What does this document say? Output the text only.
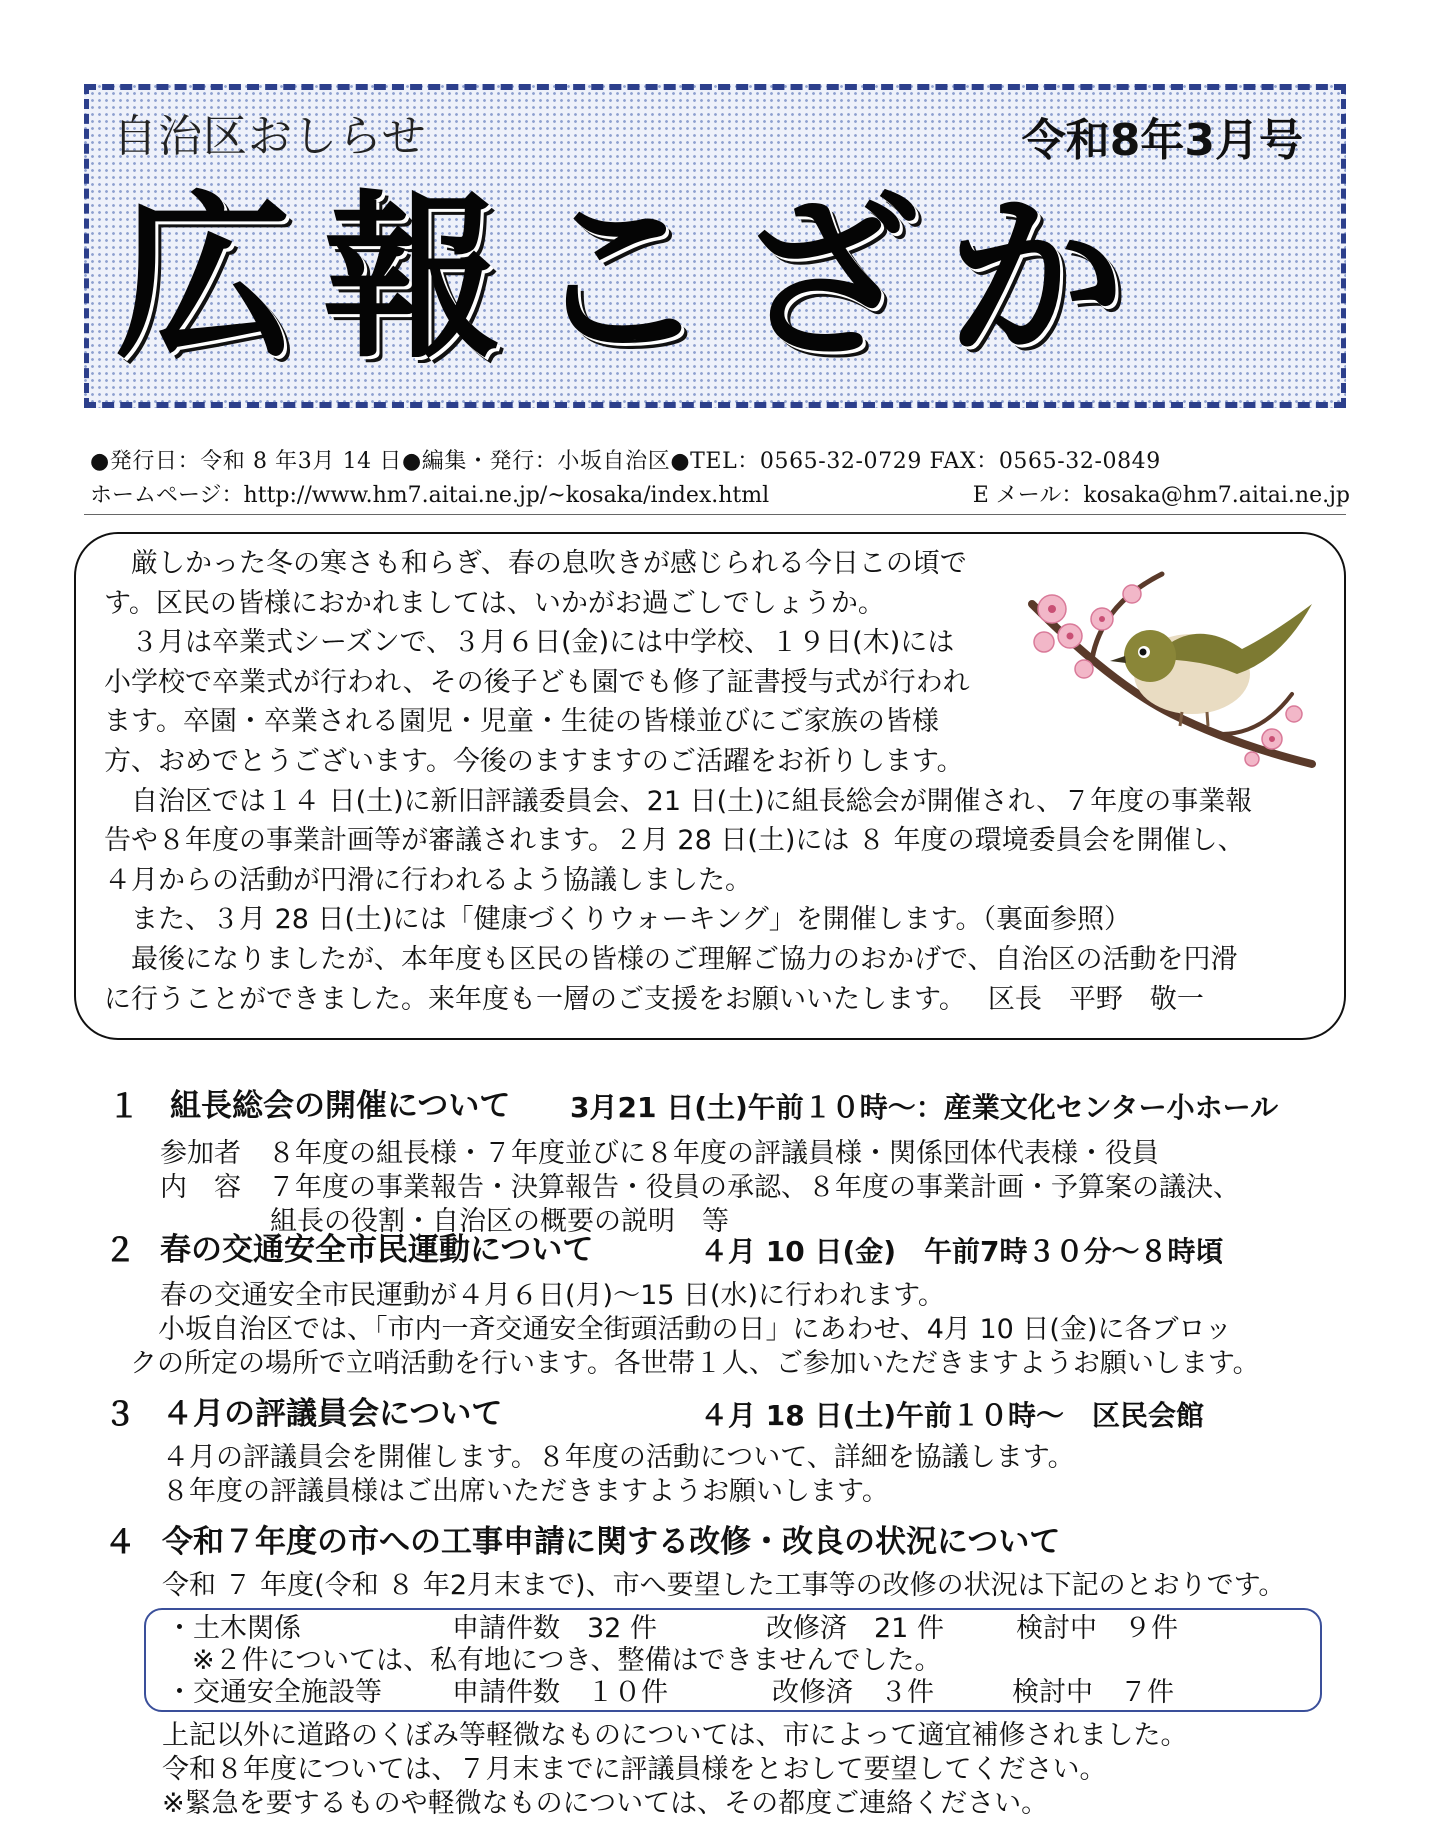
自治区おしらせ	令和8年3月号
広報こざか
●発行日：令和 8 年3月 14 日●編集・発行：小坂自治区●TEL：0565-32-0729 FAX：0565-32-0849
ホームページ：http://www.hm7.aitai.ne.jp/~kosaka/index.html	E メール：kosaka@hm7.aitai.ne.jp

　厳しかった冬の寒さも和らぎ、春の息吹きが感じられる今日この頃で

す。区民の皆様におかれましては、いかがお過ごしでしょうか。

　３月は卒業式シーズンで、３月６日(金)には中学校、１９日(木)には

小学校で卒業式が行われ、その後子ども園でも修了証書授与式が行われ

ます。卒園・卒業される園児・児童・生徒の皆様並びにご家族の皆様

方、おめでとうございます。今後のますますのご活躍をお祈りします。

　自治区では１４ 日(土)に新旧評議委員会、21 日(土)に組長総会が開催され、７年度の事業報

告や８年度の事業計画等が審議されます。２月 28 日(土)には ８ 年度の環境委員会を開催し、

４月からの活動が円滑に行われるよう協議しました。

　また、３月 28 日(土)には「健康づくりウォーキング」を開催します。（裏面参照）

　最後になりましたが、本年度も区民の皆様のご理解ご協力のおかげで、自治区の活動を円滑

に行うことができました。来年度も一層のご支援をお願いいたします。　 区長　平野　敬一

１ 組長総会の開催について 3月21 日(土)午前１０時～：産業文化センター小ホール
参加者　８年度の組長様・７年度並びに８年度の評議員様・関係団体代表様・役員
内　容　７年度の事業報告・決算報告・役員の承認、８年度の事業計画・予算案の議決、
組長の役割・自治区の概要の説明　等
２ 春の交通安全市民運動について	４月 10 日(金)　午前7時３０分～８時頃
春の交通安全市民運動が４月６日(月)～15 日(水)に行われます。
小坂自治区では、「市内一斉交通安全街頭活動の日」にあわせ、4月 10 日(金)に各ブロッ
クの所定の場所で立哨活動を行います。各世帯１人、ご参加いただきますようお願いします。
３ ４月の評議員会について	４月 18 日(土)午前１０時～　区民会館
４月の評議員会を開催します。８年度の活動について、詳細を協議します。
８年度の評議員様はご出席いただきますようお願いします。
４ 令和７年度の市への工事申請に関する改修・改良の状況について
令和 ７ 年度(令和 ８ 年2月末まで)、市へ要望した工事等の改修の状況は下記のとおりです。
・土木関係	申請件数　32 件	改修済　21 件	検討中　９件
※２件については、私有地につき、整備はできませんでした。
・交通安全施設等	申請件数　１０件	改修済　３件	検討中　７件
上記以外に道路のくぼみ等軽微なものについては、市によって適宜補修されました。
令和８年度については、７月末までに評議員様をとおして要望してください。
※緊急を要するものや軽微なものについては、その都度ご連絡ください。
